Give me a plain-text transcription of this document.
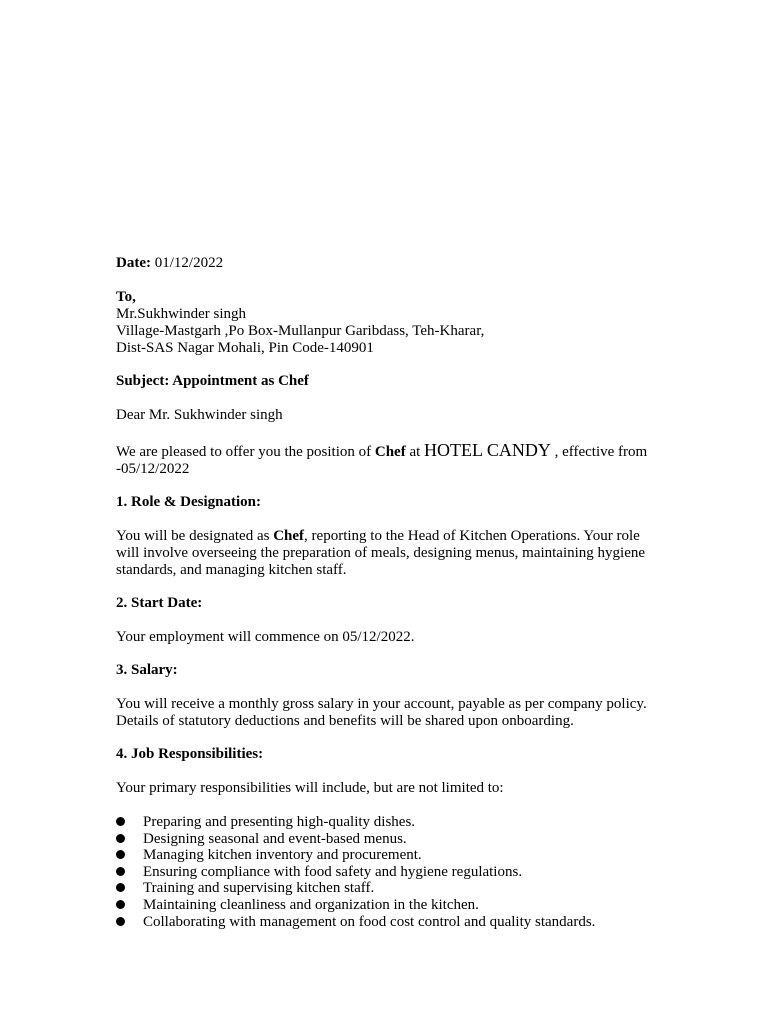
Date: 01/12/2022

To,

Mr.Sukhwinder singh

Village-Mastgarh ,Po Box-Mullanpur Garibdass, Teh-Kharar,

Dist-SAS Nagar Mohali, Pin Code-140901

Subject: Appointment as Chef

Dear Mr. Sukhwinder singh

We are pleased to offer you the position of Chef at HOTEL CANDY , effective from -05/12/2022

1. Role & Designation:

You will be designated as Chef, reporting to the Head of Kitchen Operations. Your role will involve overseeing the preparation of meals, designing menus, maintaining hygiene standards, and managing kitchen staff.

2. Start Date:

Your employment will commence on 05/12/2022.

3. Salary:

You will receive a monthly gross salary in your account, payable as per company policy. Details of statutory deductions and benefits will be shared upon onboarding.

4. Job Responsibilities:

Your primary responsibilities will include, but are not limited to:

Preparing and presenting high-quality dishes.
Designing seasonal and event-based menus.
Managing kitchen inventory and procurement.
Ensuring compliance with food safety and hygiene regulations.
Training and supervising kitchen staff.
Maintaining cleanliness and organization in the kitchen.
Collaborating with management on food cost control and quality standards.
